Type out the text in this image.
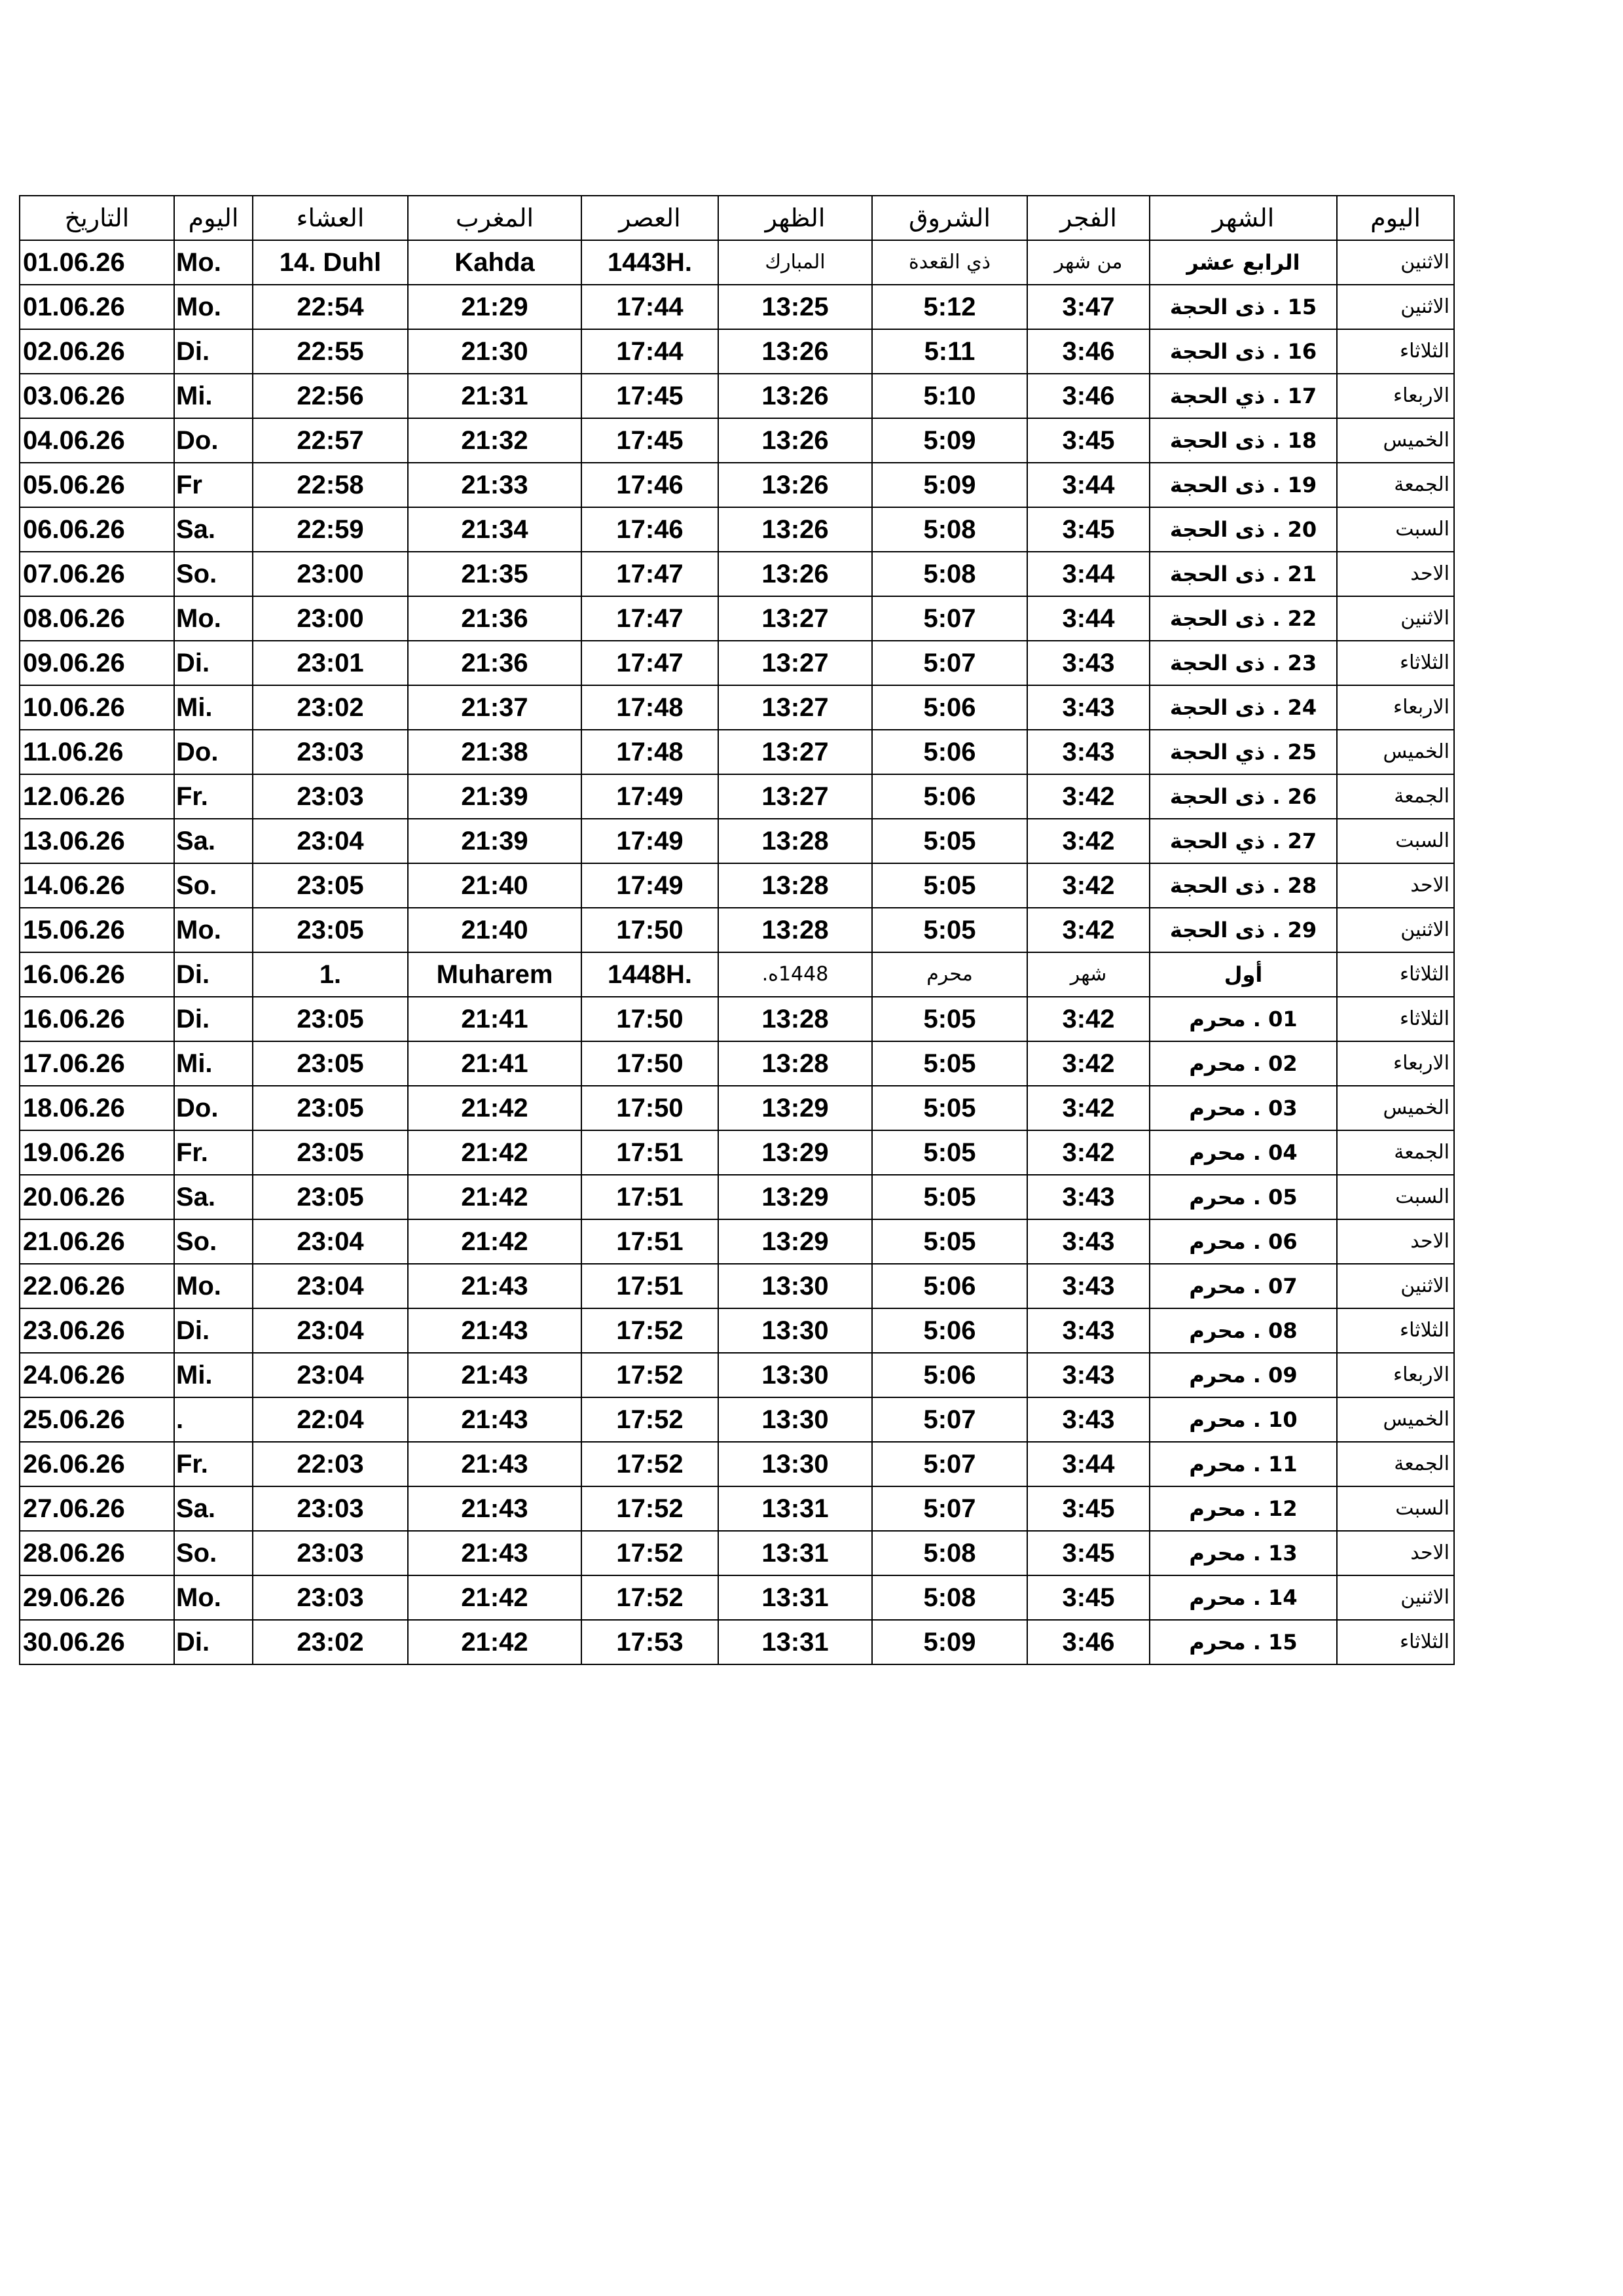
التاريخ	اليوم	العشاء	المغرب	العصر	الظهر	الشروق	الفجر	الشهر	اليوم
01.06.26	Mo.	14. Duhl	Kahda	1443H.	المبارك	ذي القعدة	من شهر	الرابع عشر	الاثنين
01.06.26	Mo.	22:54	21:29	17:44	13:25	5:12	3:47	15 . ذى الحجة	الاثنين
02.06.26	Di.	22:55	21:30	17:44	13:26	5:11	3:46	16 . ذى الحجة	الثلاثاء
03.06.26	Mi.	22:56	21:31	17:45	13:26	5:10	3:46	17 . ذي الحجة	الاربعاء
04.06.26	Do.	22:57	21:32	17:45	13:26	5:09	3:45	18 . ذى الحجة	الخميس
05.06.26	Fr	22:58	21:33	17:46	13:26	5:09	3:44	19 . ذى الحجة	الجمعة
06.06.26	Sa.	22:59	21:34	17:46	13:26	5:08	3:45	20 . ذى الحجة	السبت
07.06.26	So.	23:00	21:35	17:47	13:26	5:08	3:44	21 . ذى الحجة	الاحد
08.06.26	Mo.	23:00	21:36	17:47	13:27	5:07	3:44	22 . ذى الحجة	الاثنين
09.06.26	Di.	23:01	21:36	17:47	13:27	5:07	3:43	23 . ذى الحجة	الثلاثاء
10.06.26	Mi.	23:02	21:37	17:48	13:27	5:06	3:43	24 . ذى الحجة	الاربعاء
11.06.26	Do.	23:03	21:38	17:48	13:27	5:06	3:43	25 . ذي الحجة	الخميس
12.06.26	Fr.	23:03	21:39	17:49	13:27	5:06	3:42	26 . ذى الحجة	الجمعة
13.06.26	Sa.	23:04	21:39	17:49	13:28	5:05	3:42	27 . ذي الحجة	السبت
14.06.26	So.	23:05	21:40	17:49	13:28	5:05	3:42	28 . ذى الحجة	الاحد
15.06.26	Mo.	23:05	21:40	17:50	13:28	5:05	3:42	29 . ذى الحجة	الاثنين
16.06.26	Di.	1.	Muharem	1448H.	1448ه.	محرم	شهر	أول	الثلاثاء
16.06.26	Di.	23:05	21:41	17:50	13:28	5:05	3:42	01 . محرم	الثلاثاء
17.06.26	Mi.	23:05	21:41	17:50	13:28	5:05	3:42	02 . محرم	الاربعاء
18.06.26	Do.	23:05	21:42	17:50	13:29	5:05	3:42	03 . محرم	الخميس
19.06.26	Fr.	23:05	21:42	17:51	13:29	5:05	3:42	04 . محرم	الجمعة
20.06.26	Sa.	23:05	21:42	17:51	13:29	5:05	3:43	05 . محرم	السبت
21.06.26	So.	23:04	21:42	17:51	13:29	5:05	3:43	06 . محرم	الاحد
22.06.26	Mo.	23:04	21:43	17:51	13:30	5:06	3:43	07 . محرم	الاثنين
23.06.26	Di.	23:04	21:43	17:52	13:30	5:06	3:43	08 . محرم	الثلاثاء
24.06.26	Mi.	23:04	21:43	17:52	13:30	5:06	3:43	09 . محرم	الاربعاء
25.06.26	.	22:04	21:43	17:52	13:30	5:07	3:43	10 . محرم	الخميس
26.06.26	Fr.	22:03	21:43	17:52	13:30	5:07	3:44	11 . محرم	الجمعة
27.06.26	Sa.	23:03	21:43	17:52	13:31	5:07	3:45	12 . محرم	السبت
28.06.26	So.	23:03	21:43	17:52	13:31	5:08	3:45	13 . محرم	الاحد
29.06.26	Mo.	23:03	21:42	17:52	13:31	5:08	3:45	14 . محرم	الاثنين
30.06.26	Di.	23:02	21:42	17:53	13:31	5:09	3:46	15 . محرم	الثلاثاء
